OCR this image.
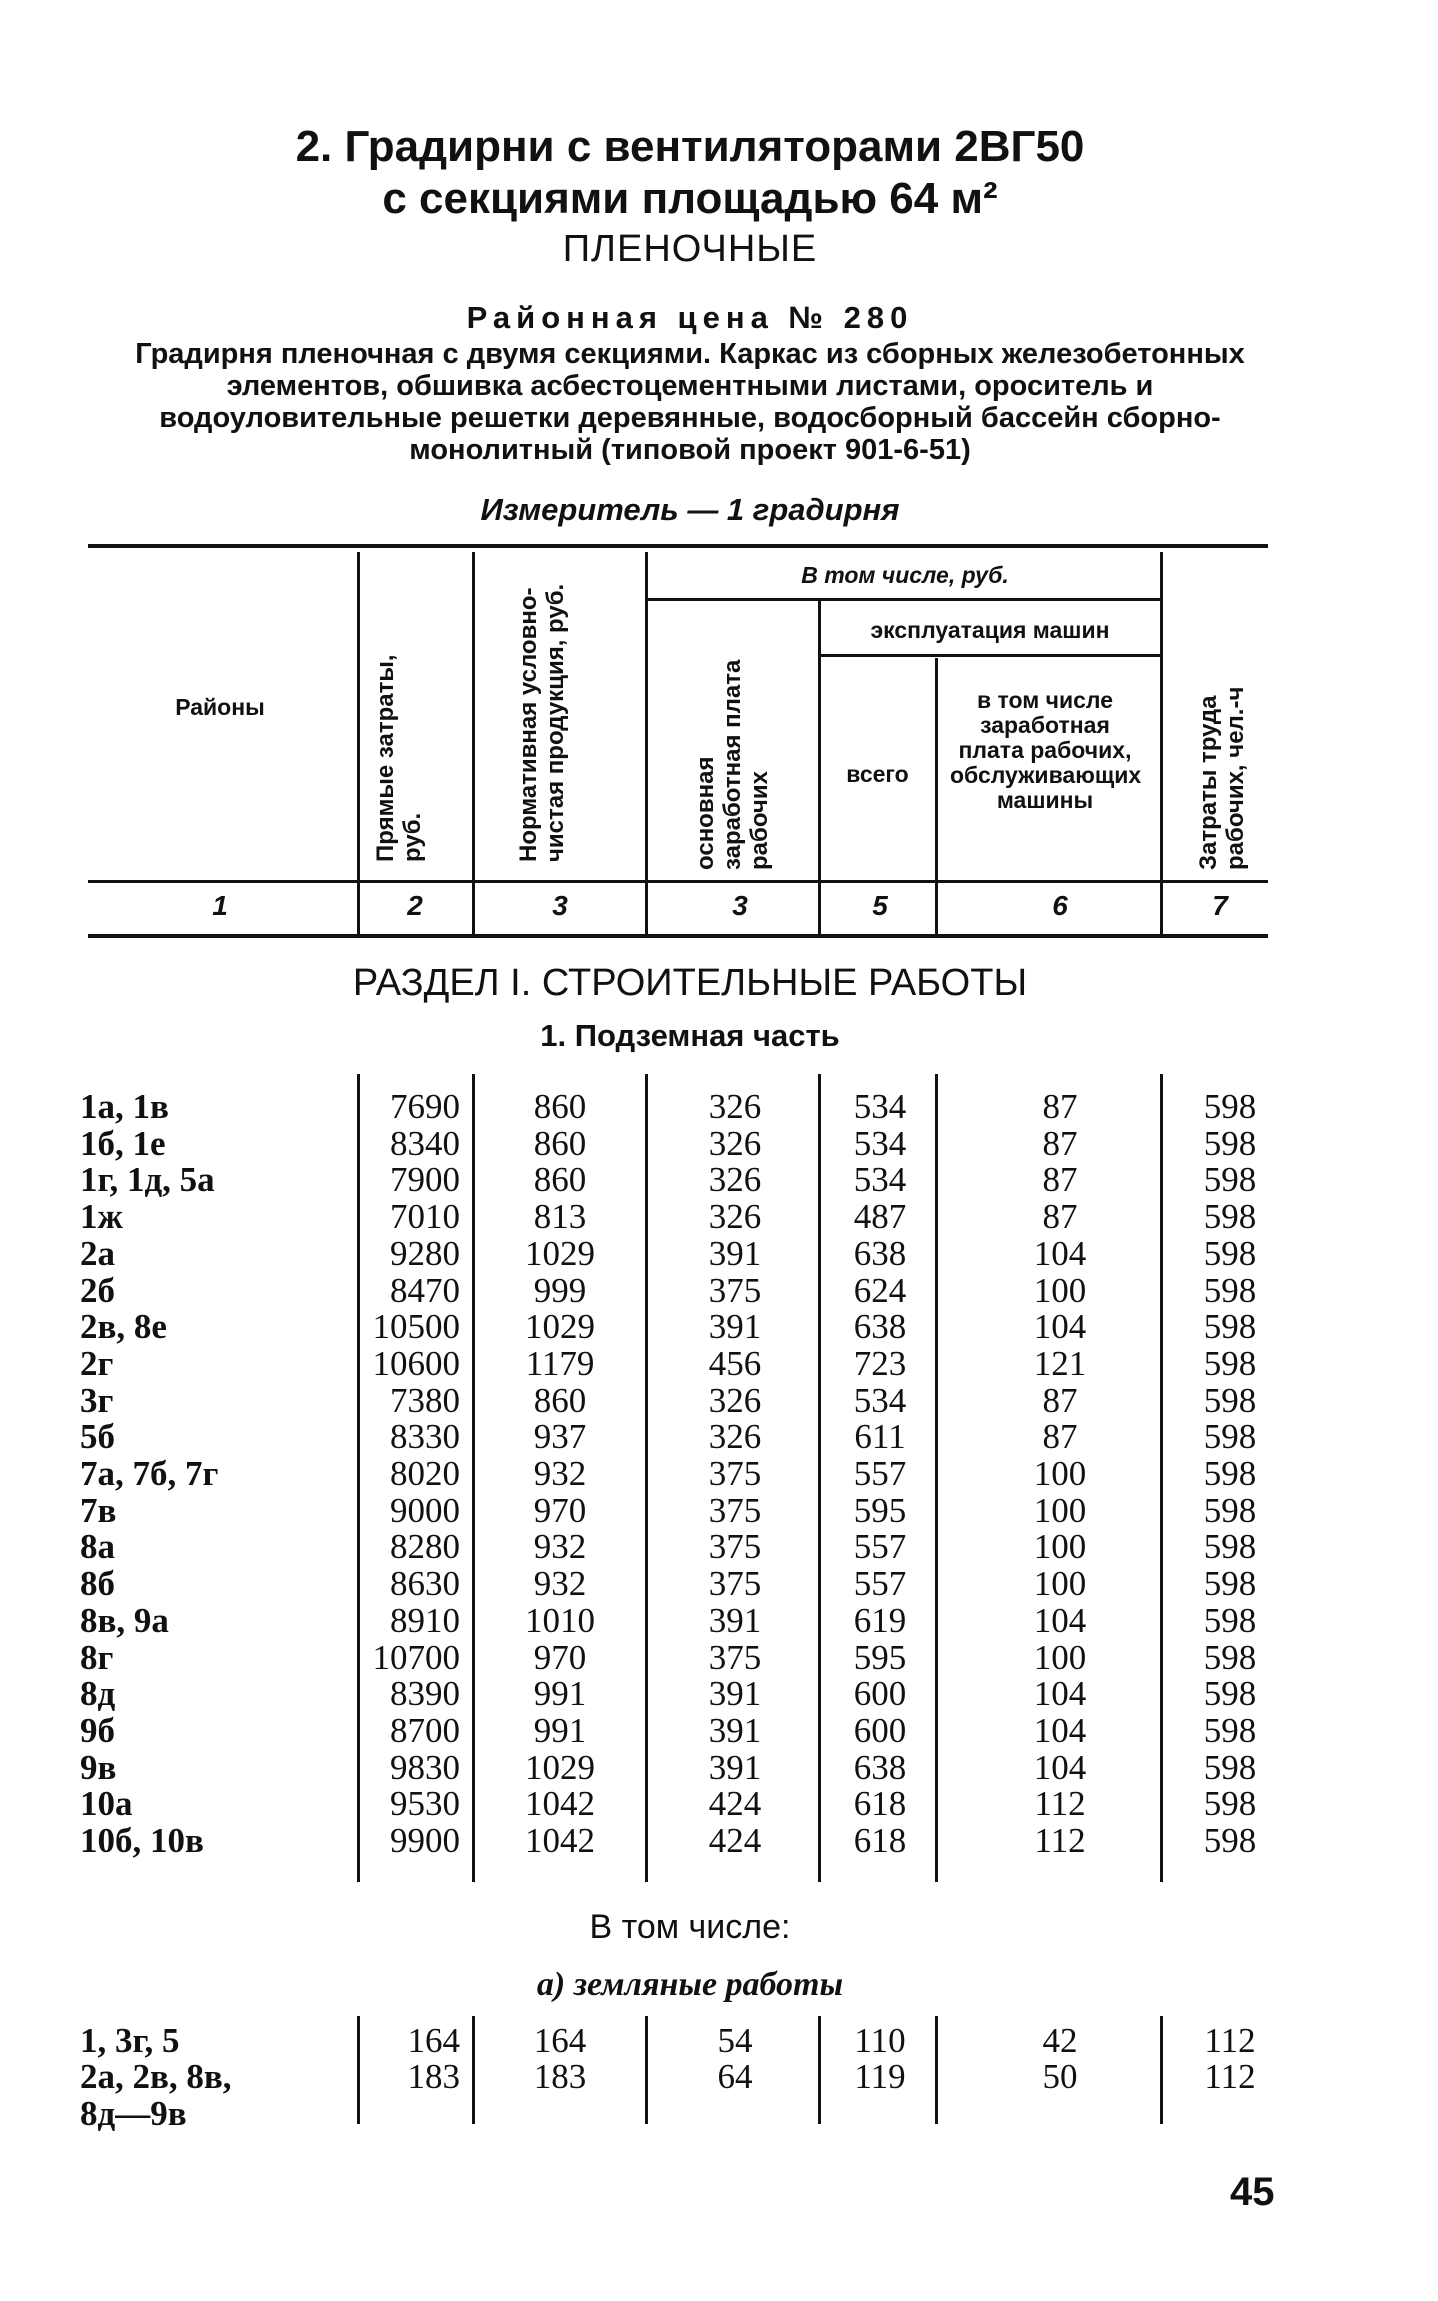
2. Градирни с вентиляторами 2ВГ50
с секциями площадью 64 м²
ПЛЕНОЧНЫЕ
Районная цена № 280
Градирня пленочная с двумя секциями. Каркас из сборных железобетонных элементов, обшивка асбестоцементными листами, ороситель и водоуловительные решетки деревянные, водосборный бассейн сборно-монолитный (типовой проект 901-6-51)
Измеритель — 1 градирня
Районы	Прямые затраты, руб.	Нормативная условно-чистая продукция, руб.
В том числе, руб.
основная заработная плата рабочих
эксплуатация машин
всего
в том числе заработная плата рабочих, обслуживающих машины	Затраты труда рабочих, чел.-ч
1	2	3	3	5	6	7
РАЗДЕЛ I. СТРОИТЕЛЬНЫЕ РАБОТЫ
1. Подземная часть
1а, 1в	7690	860	326	534	87	598
1б, 1е	8340	860	326	534	87	598
1г, 1д, 5а	7900	860	326	534	87	598
1ж	7010	813	326	487	87	598
2а	9280	1029	391	638	104	598
2б	8470	999	375	624	100	598
2в, 8е	10500	1029	391	638	104	598
2г	10600	1179	456	723	121	598
3г	7380	860	326	534	87	598
5б	8330	937	326	611	87	598
7а, 7б, 7г	8020	932	375	557	100	598
7в	9000	970	375	595	100	598
8а	8280	932	375	557	100	598
8б	8630	932	375	557	100	598
8в, 9а	8910	1010	391	619	104	598
8г	10700	970	375	595	100	598
8д	8390	991	391	600	104	598
9б	8700	991	391	600	104	598
9в	9830	1029	391	638	104	598
10а	9530	1042	424	618	112	598
10б, 10в	9900	1042	424	618	112	598
В том числе:
а) земляные работы
1, 3г, 5	164	164	54	110	42	112
2а, 2в, 8в,	183	183	64	119	50	112
8д—9в
45
